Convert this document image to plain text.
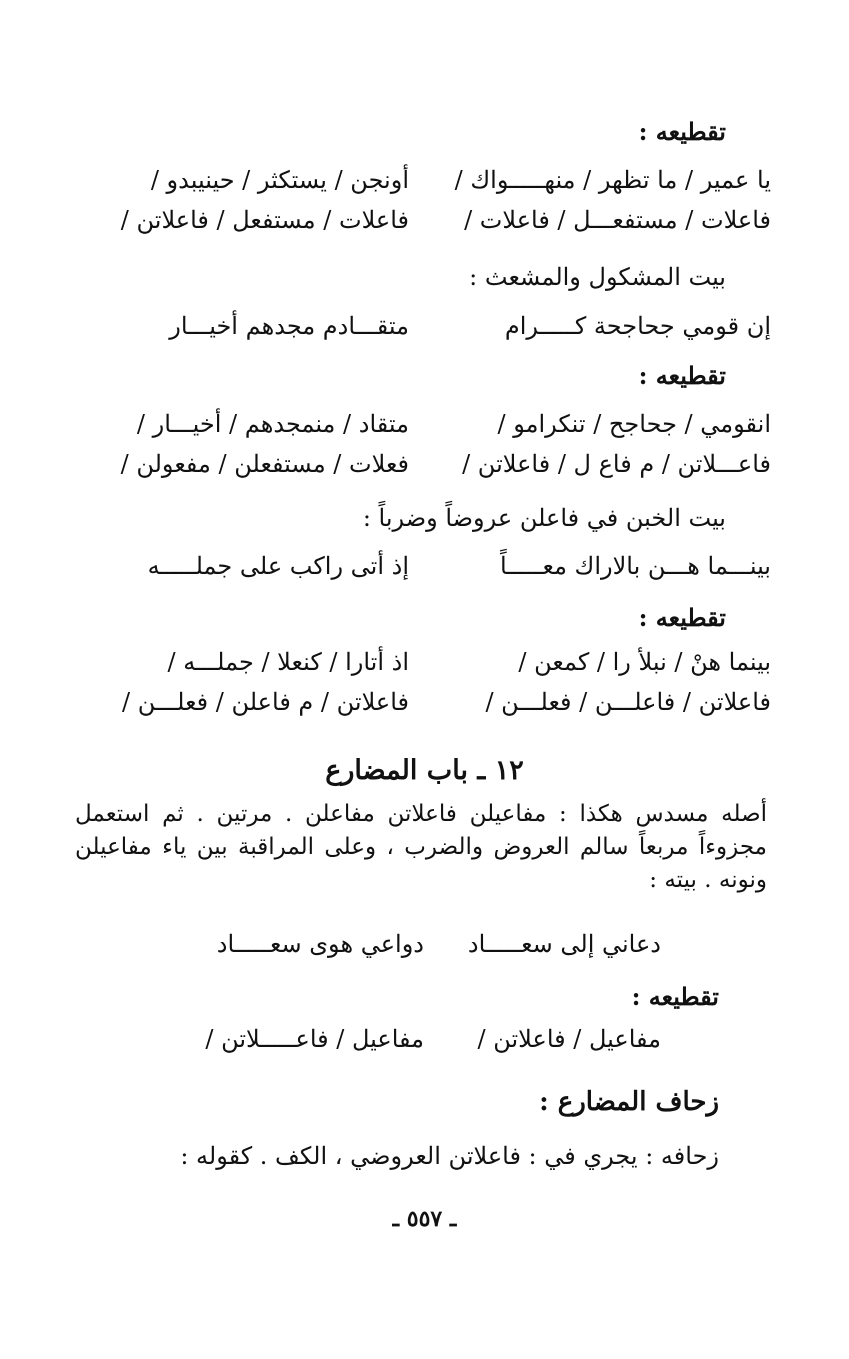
تقطيعه :
يا عمير / ما تظهر / منهـــــواك /
أونجن / يستكثر / حينيبدو /
فاعلات / مستفعـــل / فاعلات /
فاعلات / مستفعل / فاعلاتن /
بيت المشكول والمشعث :
إن قومي جحاجحة كـــــرام
متقـــادم مجدهم أخيـــار
تقطيعه :
انقومي / جحاجح / تنكرامو /
متقاد / منمجدهم / أخيـــار /
فاعـــلاتن / م فاع ل / فاعلاتن /
فعلات / مستفعلن / مفعولن /
بيت الخبن في فاعلن عروضاً وضرباً :
بينـــما هـــن بالاراك معـــــاً
إذ أتى راكب على جملـــــه
تقطيعه :
بينما هنْ / نبلأ را / كمعن /
اذ أتارا / كنعلا / جملـــه /
فاعلاتن / فاعلـــن / فعلـــن /
فاعلاتن / م فاعلن / فعلـــن /
١٢ ـ باب المضارع
أصله مسدس هكذا : مفاعيلن فاعلاتن مفاعلن . مرتين . ثم استعمل مجزوءاً مربعاً سالم العروض والضرب ، وعلى المراقبة بين ياء مفاعيلن ونونه . بيته :
دعاني إلى سعـــــاد
دواعي هوى سعـــــاد
تقطيعه :
مفاعيل / فاعلاتن /
مفاعيل / فاعـــــلاتن /
زحاف المضارع :
زحافه : يجري في : فاعلاتن العروضي ، الكف . كقوله :
ـ ٥٥٧ ـ
